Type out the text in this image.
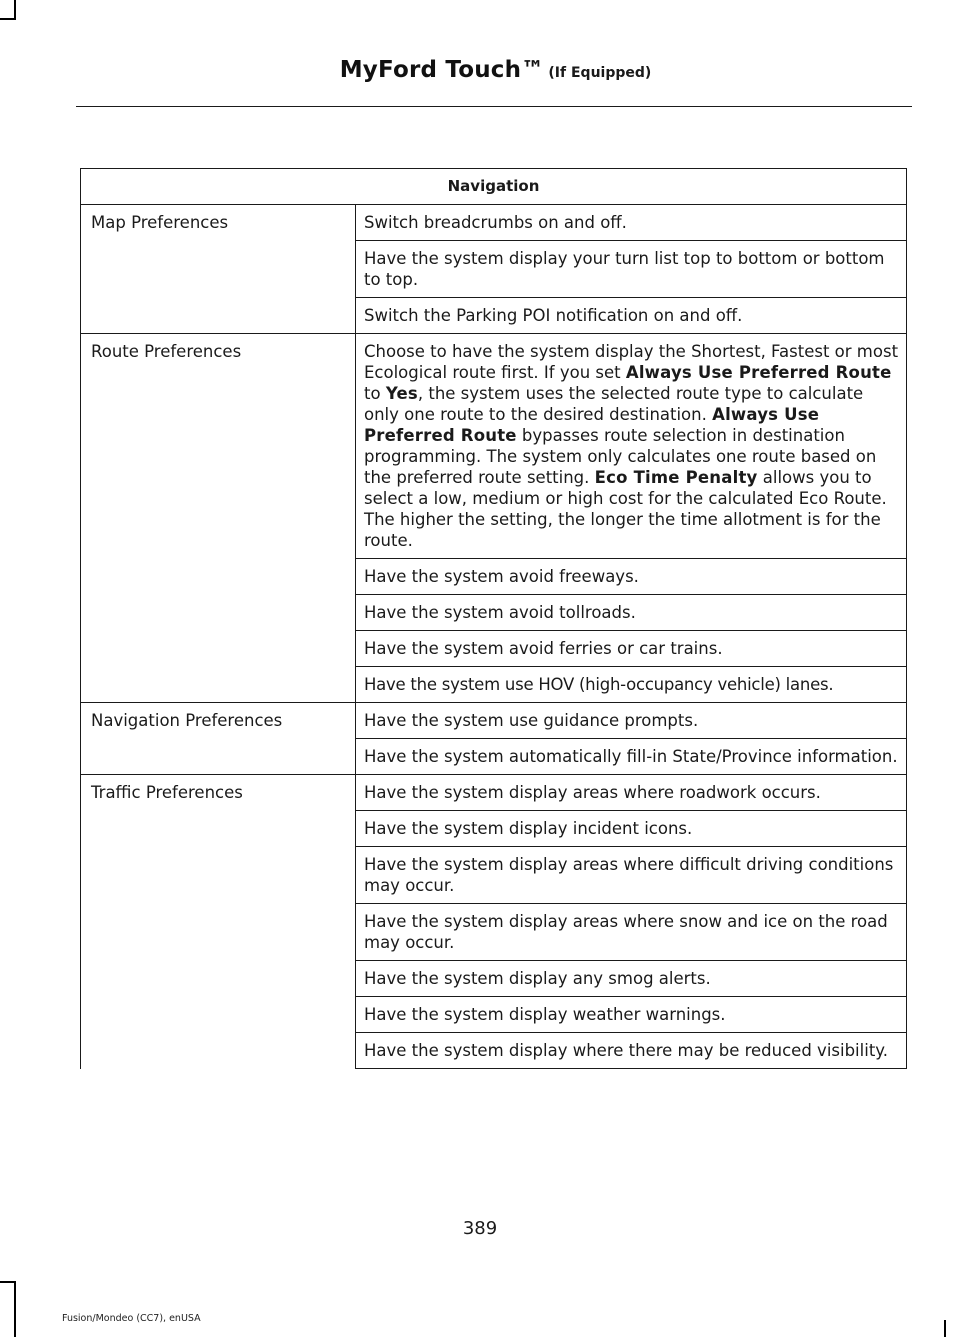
MyFord Touch™ (If Equipped)
Navigation	
Map Preferences	Switch breadcrumbs on and off.
	Have the system display your turn list top to bottom or bottom to top.
	Switch the Parking POI notification on and off.
Route Preferences	Choose to have the system display the Shortest, Fastest or most Ecological route first. If you set Always Use Preferred Route to Yes, the system uses the selected route type to calculate only one route to the desired destination. Always Use Preferred Route bypasses route selection in destination programming. The system only calculates one route based on the preferred route setting. Eco Time Penalty allows you to select a low, medium or high cost for the calculated Eco Route. The higher the setting, the longer the time allotment is for the route.
	Have the system avoid freeways.
	Have the system avoid tollroads.
	Have the system avoid ferries or car trains.
	Have the system use HOV (high-occupancy vehicle) lanes.
Navigation Preferences	Have the system use guidance prompts.
	Have the system automatically fill-in State/Province information.
Traffic Preferences	Have the system display areas where roadwork occurs.
	Have the system display incident icons.
	Have the system display areas where difficult driving conditions may occur.
	Have the system display areas where snow and ice on the road may occur.
	Have the system display any smog alerts.
	Have the system display weather warnings.
	Have the system display where there may be reduced visibility.
389
Fusion/Mondeo (CC7), enUSA
